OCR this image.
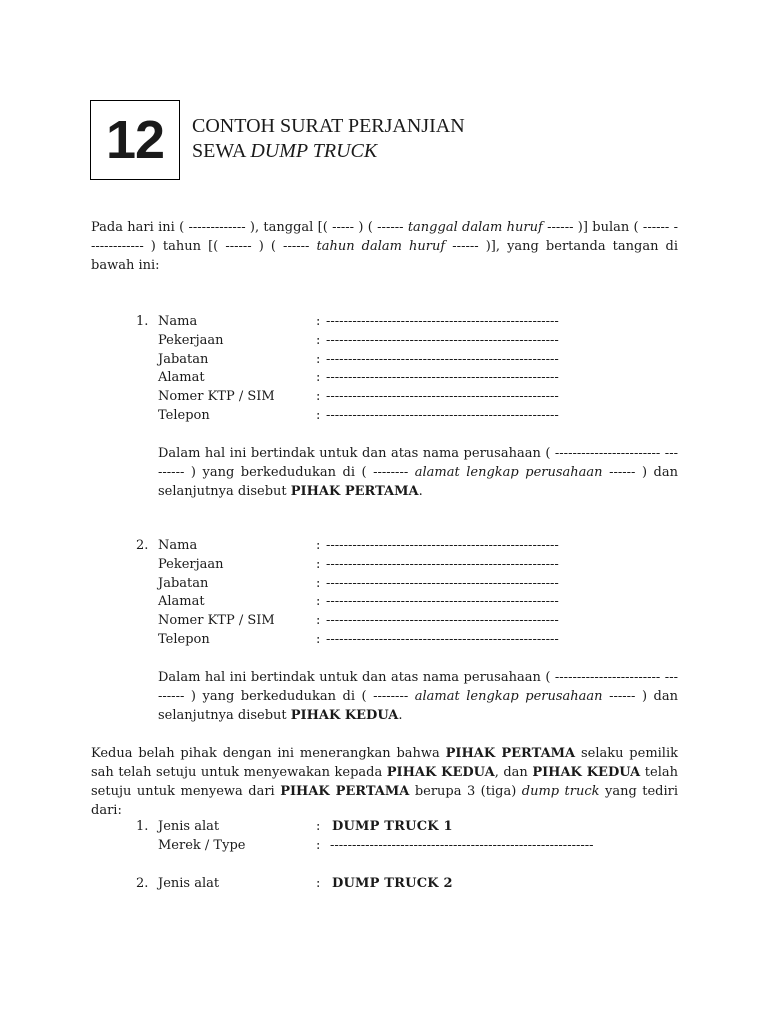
12 CONTOH SURAT PERJANJIAN
SEWA DUMP TRUCK
Pada hari ini ( ------------- ), tanggal [( ----- ) ( ------ tanggal dalam huruf ------ )] bulan ( ------ ------------- ) tahun [( ------ ) ( ------ tahun dalam huruf ------ )], yang bertanda tangan di bawah ini:
1. Nama	: -----------------------------------------------------
Pekerjaan	: -----------------------------------------------------
Jabatan	: -----------------------------------------------------
Alamat	: -----------------------------------------------------
Nomer KTP / SIM	: -----------------------------------------------------
Telepon	: -----------------------------------------------------
Dalam hal ini bertindak untuk dan atas nama perusahaan ( ------------------------ --------- ) yang berkedudukan di ( -------- alamat lengkap perusahaan ------ ) dan selanjutnya disebut PIHAK PERTAMA.
2. Nama	: -----------------------------------------------------
Pekerjaan	: -----------------------------------------------------
Jabatan	: -----------------------------------------------------
Alamat	: -----------------------------------------------------
Nomer KTP / SIM	: -----------------------------------------------------
Telepon	: -----------------------------------------------------
Dalam hal ini bertindak untuk dan atas nama perusahaan ( ------------------------ --------- ) yang berkedudukan di ( -------- alamat lengkap perusahaan ------ ) dan selanjutnya disebut PIHAK KEDUA.
Kedua belah pihak dengan ini menerangkan bahwa PIHAK PERTAMA selaku pemilik sah telah setuju untuk menyewakan kepada PIHAK KEDUA, dan PIHAK KEDUA telah setuju untuk menyewa dari PIHAK PERTAMA berupa 3 (tiga) dump truck yang tediri dari:
1. Jenis alat	: DUMP TRUCK 1
Merek / Type	: ------------------------------------------------------------
2. Jenis alat	: DUMP TRUCK 2
